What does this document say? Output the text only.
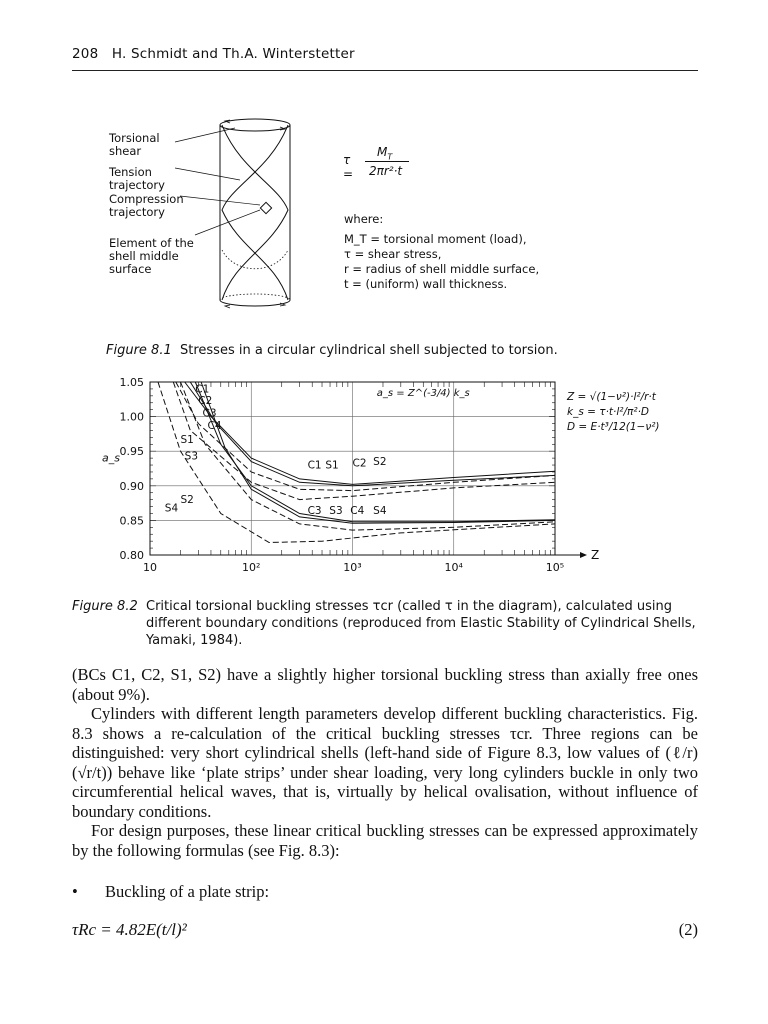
208 H. Schmidt and Th.A. Winterstetter
Torsional
shear
Tension
trajectory
Compression
trajectory
Element of the
shell middle
surface
τ =
$M_T$
2πr²·t
where:
M_T = torsional moment (load),
τ = shear stress,
r = radius of shell middle surface,
t = (uniform) wall thickness.
Figure 8.1 Stresses in a circular cylindrical shell subjected to torsion.
10	10²	10³	10⁴	10⁵
0.80
0.85
0.90
0.95
1.00
1.05
Z
a_s
a_s = Z^(-3/4) k_s	Z = √(1−ν²)·l²/r·t
k_s = τ·t·l²/π²·D
D = E·t³/12(1−ν²)
C1
C2
C3
C4
S1
S3
S2
S4
C1 S1 C2 S2
C3 S3 C4 S4
Figure 8.2 Critical torsional buckling stresses τcr (called τ in the diagram), calculated using different boundary conditions (reproduced from Elastic Stability of Cylindrical Shells, Yamaki, 1984).

(BCs C1, C2, S1, S2) have a slightly higher torsional buckling stress than axially free ones (about 9%).

Cylinders with different length parameters develop different buckling characteristics. Fig. 8.3 shows a re-calculation of the critical buckling stresses τcr. Three regions can be distinguished: very short cylindrical shells (left-hand side of Figure 8.3, low values of (ℓ/r)(√r/t)) behave like ‘plate strips’ under shear loading, very long cylinders buckle in only two circumferential helical waves, that is, virtually by helical ovalisation, without influence of boundary conditions.

For design purposes, these linear critical buckling stresses can be expressed approximately by the following formulas (see Fig. 8.3):

•	Buckling of a plate strip:
τRc = 4.82E(t/l)²	(2)
